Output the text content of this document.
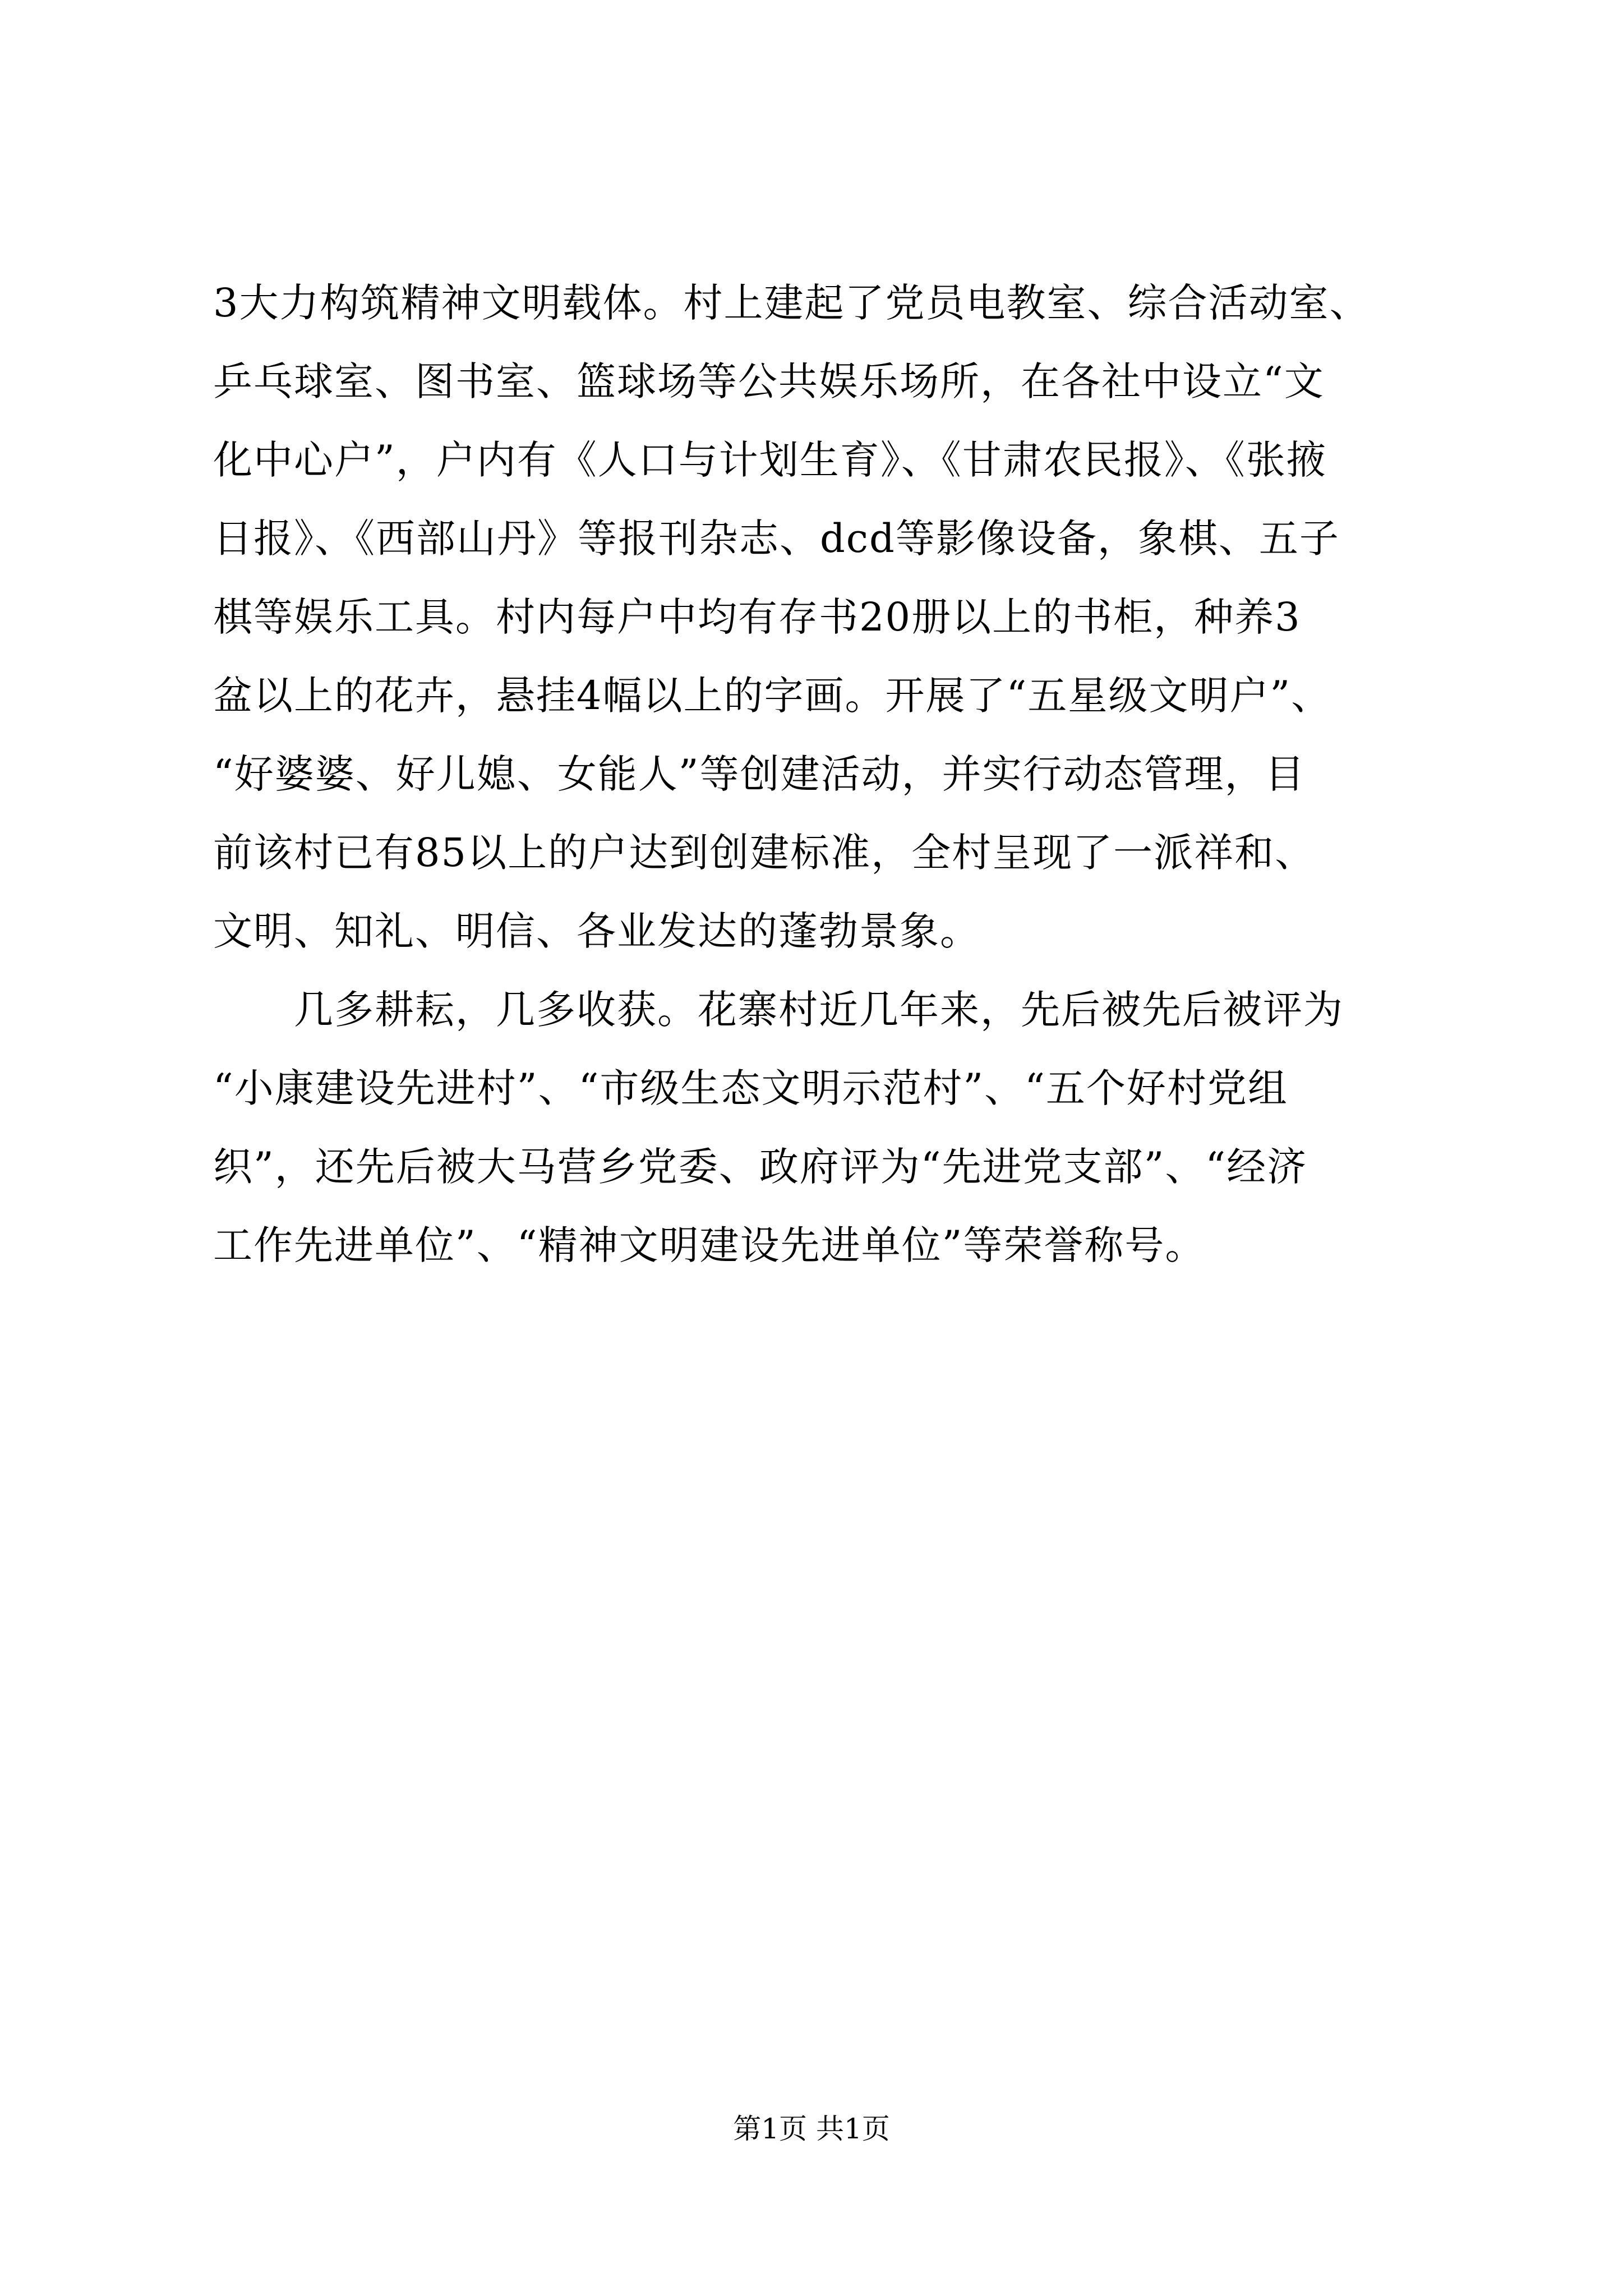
3大力构筑精神文明载体。村上建起了党员电教室、综合活动室、
乒乓球室、图书室、篮球场等公共娱乐场所，在各社中设立“文
化中心户”，户内有《人口与计划生育》、《甘肃农民报》、《张掖
日报》、《西部山丹》等报刊杂志、dcd等影像设备，象棋、五子
棋等娱乐工具。村内每户中均有存书20册以上的书柜，种养3
盆以上的花卉，悬挂4幅以上的字画。开展了“五星级文明户”、
“好婆婆、好儿媳、女能人”等创建活动，并实行动态管理，目
前该村已有85以上的户达到创建标准，全村呈现了一派祥和、
文明、知礼、明信、各业发达的蓬勃景象。
　　几多耕耘，几多收获。花寨村近几年来，先后被先后被评为
“小康建设先进村”、“市级生态文明示范村”、“五个好村党组
织”，还先后被大马营乡党委、政府评为“先进党支部”、“经济
工作先进单位”、“精神文明建设先进单位”等荣誉称号。
第1页 共1页
